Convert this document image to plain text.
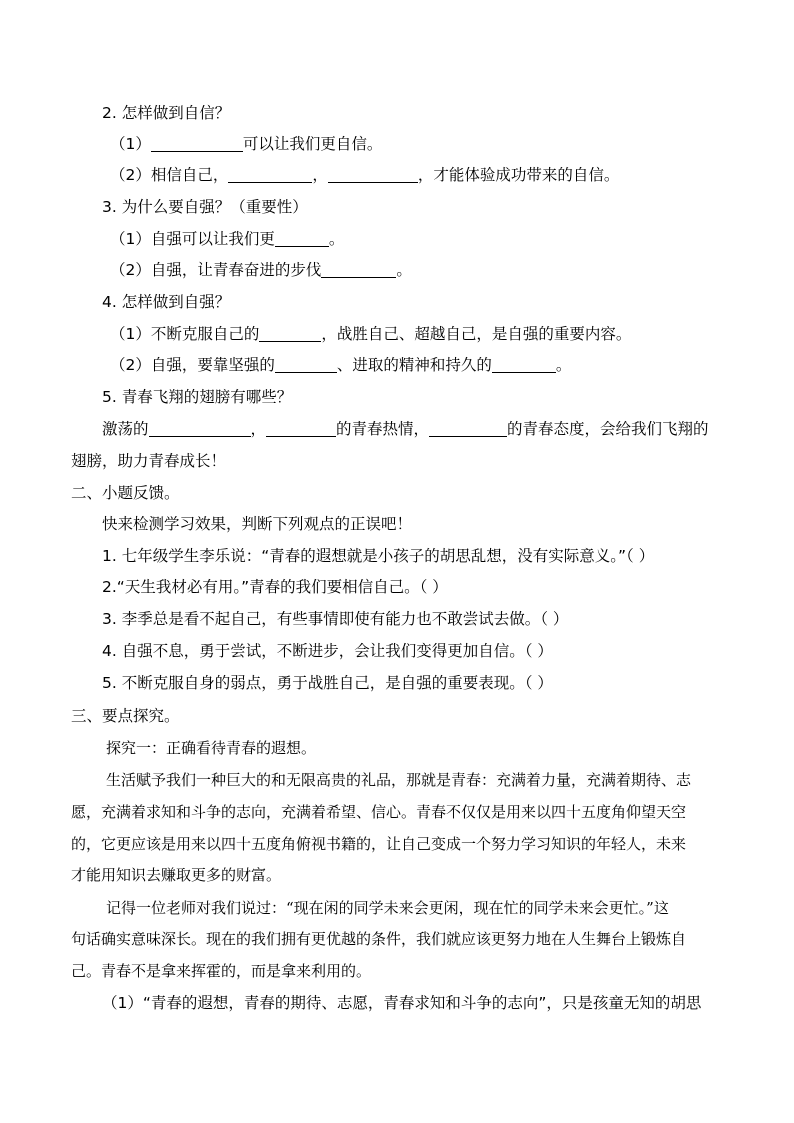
2. 怎样做到自信？
（1）	可以让我们更自信。
（2）相信自己，	，	，才能体验成功带来的自信。
3. 为什么要自强？（重要性）
（1）自强可以让我们更	。
（2）自强，让青春奋进的步伐	。
4. 怎样做到自强？
（1）不断克服自己的	，战胜自己、超越自己，是自强的重要内容。
（2）自强，要靠坚强的	、进取的精神和持久的	。
5. 青春飞翔的翅膀有哪些？
激荡的	，	的青春热情，	的青春态度，会给我们飞翔的
翅膀，助力青春成长！
二、小题反馈。
快来检测学习效果，判断下列观点的正误吧！
1. 七年级学生李乐说：“青春的遐想就是小孩子的胡思乱想，没有实际意义。”（ ）
2.“天生我材必有用。”青春的我们要相信自己。（ ）
3. 李季总是看不起自己，有些事情即使有能力也不敢尝试去做。（ ）
4. 自强不息，勇于尝试，不断进步，会让我们变得更加自信。（ ）
5. 不断克服自身的弱点，勇于战胜自己，是自强的重要表现。（ ）
三、要点探究。
探究一：正确看待青春的遐想。
生活赋予我们一种巨大的和无限高贵的礼品，那就是青春：充满着力量，充满着期待、志
愿，充满着求知和斗争的志向，充满着希望、信心。青春不仅仅是用来以四十五度角仰望天空
的，它更应该是用来以四十五度角俯视书籍的，让自己变成一个努力学习知识的年轻人，未来
才能用知识去赚取更多的财富。
记得一位老师对我们说过：“现在闲的同学未来会更闲，现在忙的同学未来会更忙。”这
句话确实意味深长。现在的我们拥有更优越的条件，我们就应该更努力地在人生舞台上锻炼自
己。青春不是拿来挥霍的，而是拿来利用的。
（1）“青春的遐想，青春的期待、志愿，青春求知和斗争的志向”，只是孩童无知的胡思
